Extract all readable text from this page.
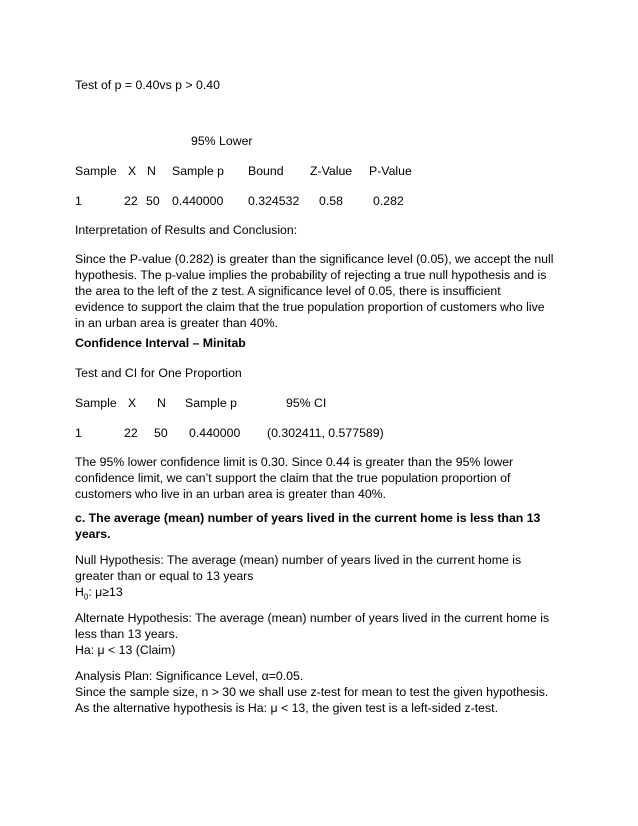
Test of p = 0.40vs p > 0.40
95% Lower
Sample X N Sample p Bound Z-Value P-Value
1	22 50 0.440000 0.324532 0.58 0.282
Interpretation of Results and Conclusion:
Since the P-value (0.282) is greater than the significance level (0.05), we accept the null
hypothesis. The p-value implies the probability of rejecting a true null hypothesis and is
the area to the left of the z test. A significance level of 0.05, there is insufficient
evidence to support the claim that the true population proportion of customers who live
in an urban area is greater than 40%.
Confidence Interval – Minitab
Test and CI for One Proportion
Sample X N Sample p	95% CI
1	22 50 0.440000 (0.302411, 0.577589)
The 95% lower confidence limit is 0.30. Since 0.44 is greater than the 95% lower
confidence limit, we can’t support the claim that the true population proportion of
customers who live in an urban area is greater than 40%.
c. The average (mean) number of years lived in the current home is less than 13
years.
Null Hypothesis: The average (mean) number of years lived in the current home is
greater than or equal to 13 years
$H_0$: μ≥13
Alternate Hypothesis: The average (mean) number of years lived in the current home is
less than 13 years.
Ha: μ < 13 (Claim)
Analysis Plan: Significance Level, α=0.05.
Since the sample size, n > 30 we shall use z-test for mean to test the given hypothesis.
As the alternative hypothesis is Ha: μ < 13, the given test is a left-sided z-test.
